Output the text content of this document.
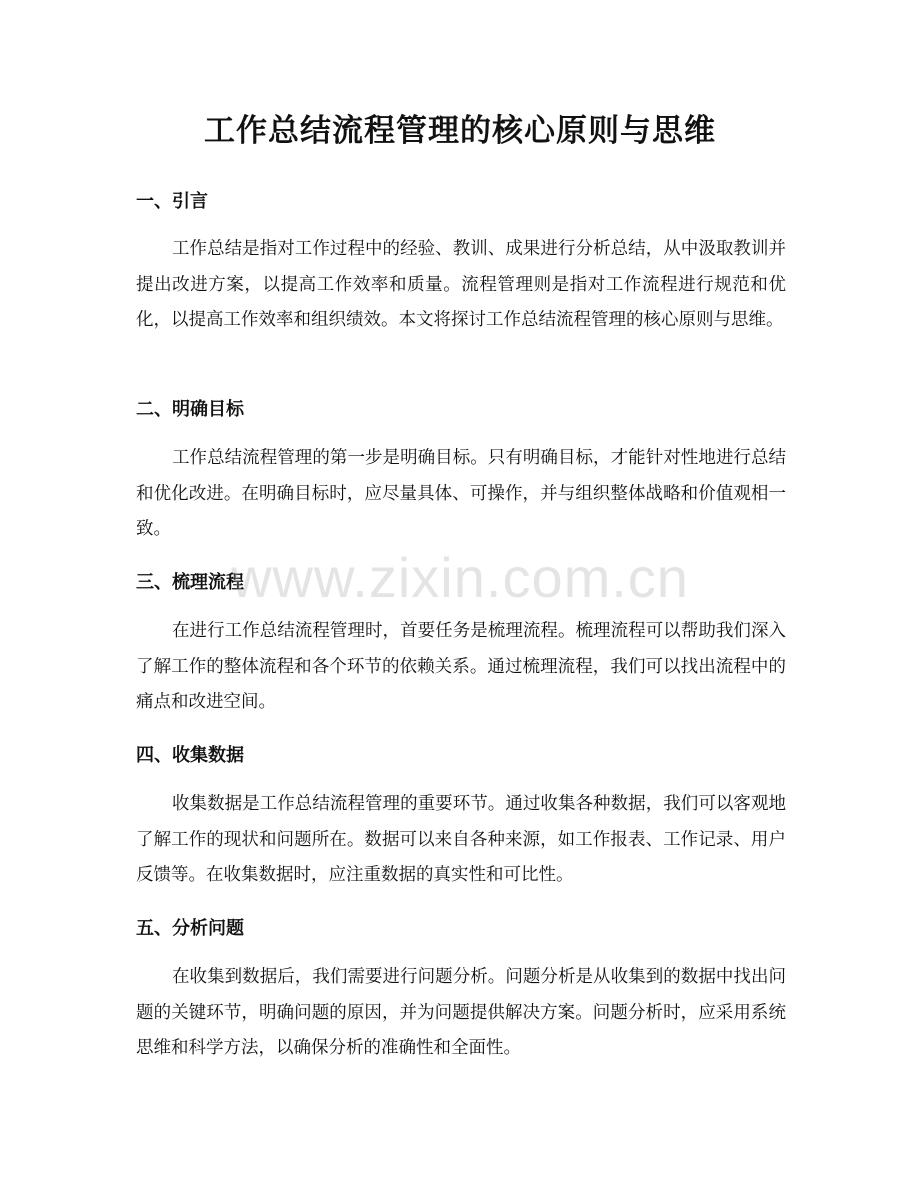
工作总结流程管理的核心原则与思维
一、引言

工作总结是指对工作过程中的经验、教训、成果进行分析总结，从中汲取教训并提出改进方案，以提高工作效率和质量。流程管理则是指对工作流程进行规范和优化，以提高工作效率和组织绩效。本文将探讨工作总结流程管理的核心原则与思维。

二、明确目标

工作总结流程管理的第一步是明确目标。只有明确目标，才能针对性地进行总结和优化改进。在明确目标时，应尽量具体、可操作，并与组织整体战略和价值观相一致。

三、梳理流程

在进行工作总结流程管理时，首要任务是梳理流程。梳理流程可以帮助我们深入了解工作的整体流程和各个环节的依赖关系。通过梳理流程，我们可以找出流程中的痛点和改进空间。

四、收集数据

收集数据是工作总结流程管理的重要环节。通过收集各种数据，我们可以客观地了解工作的现状和问题所在。数据可以来自各种来源，如工作报表、工作记录、用户反馈等。在收集数据时，应注重数据的真实性和可比性。

五、分析问题

在收集到数据后，我们需要进行问题分析。问题分析是从收集到的数据中找出问题的关键环节，明确问题的原因，并为问题提供解决方案。问题分析时，应采用系统思维和科学方法，以确保分析的准确性和全面性。

www.zixin.com.cn
